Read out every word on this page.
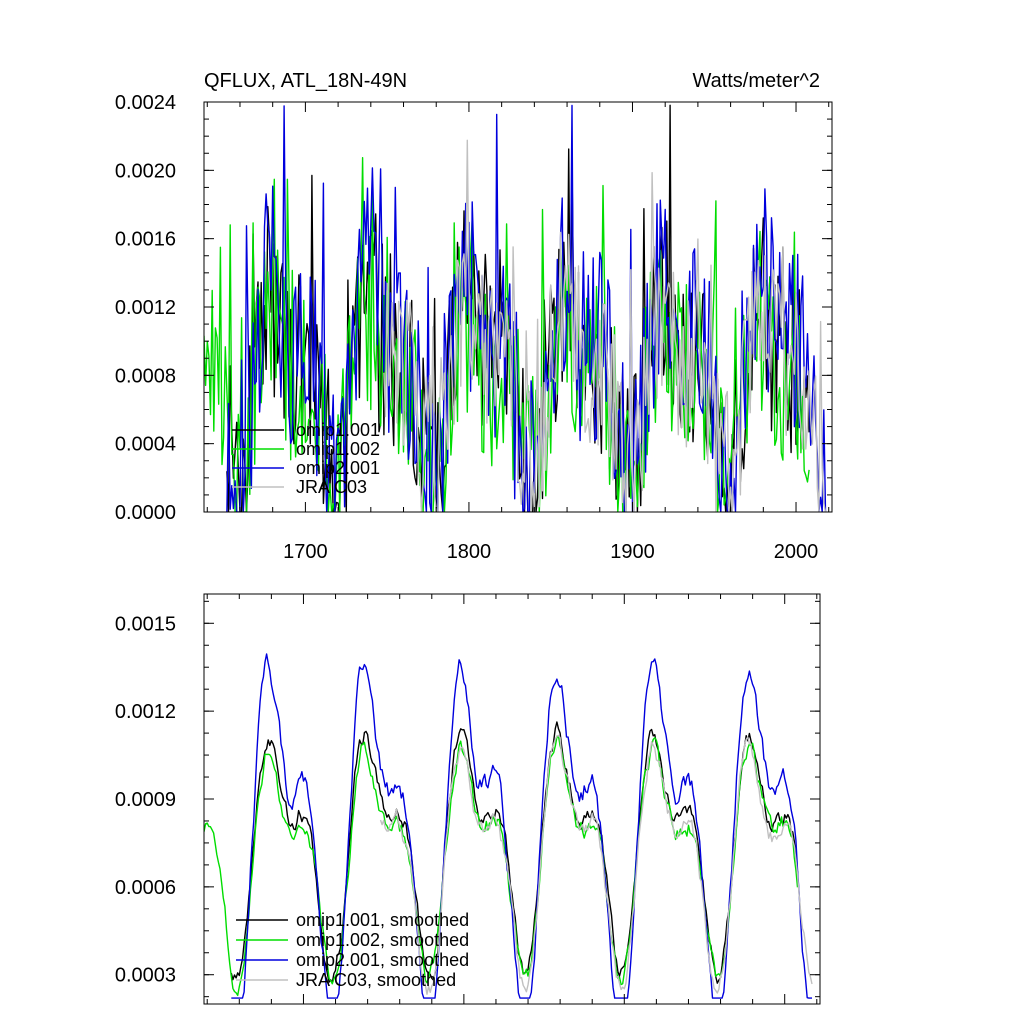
QFLUX, ATL_18N-49N	Watts/meter^2
0.0000
0.0004
0.0008
0.0012
0.0016
0.0020
0.0024
1700	1800	1900	2000
omip1.001
omip1.002
omip2.001
JRA C03
0.0003
0.0006
0.0009
0.0012
0.0015
omip1.001, smoothed
omip1.002, smoothed
omip2.001, smoothed
JRA C03, smoothed
